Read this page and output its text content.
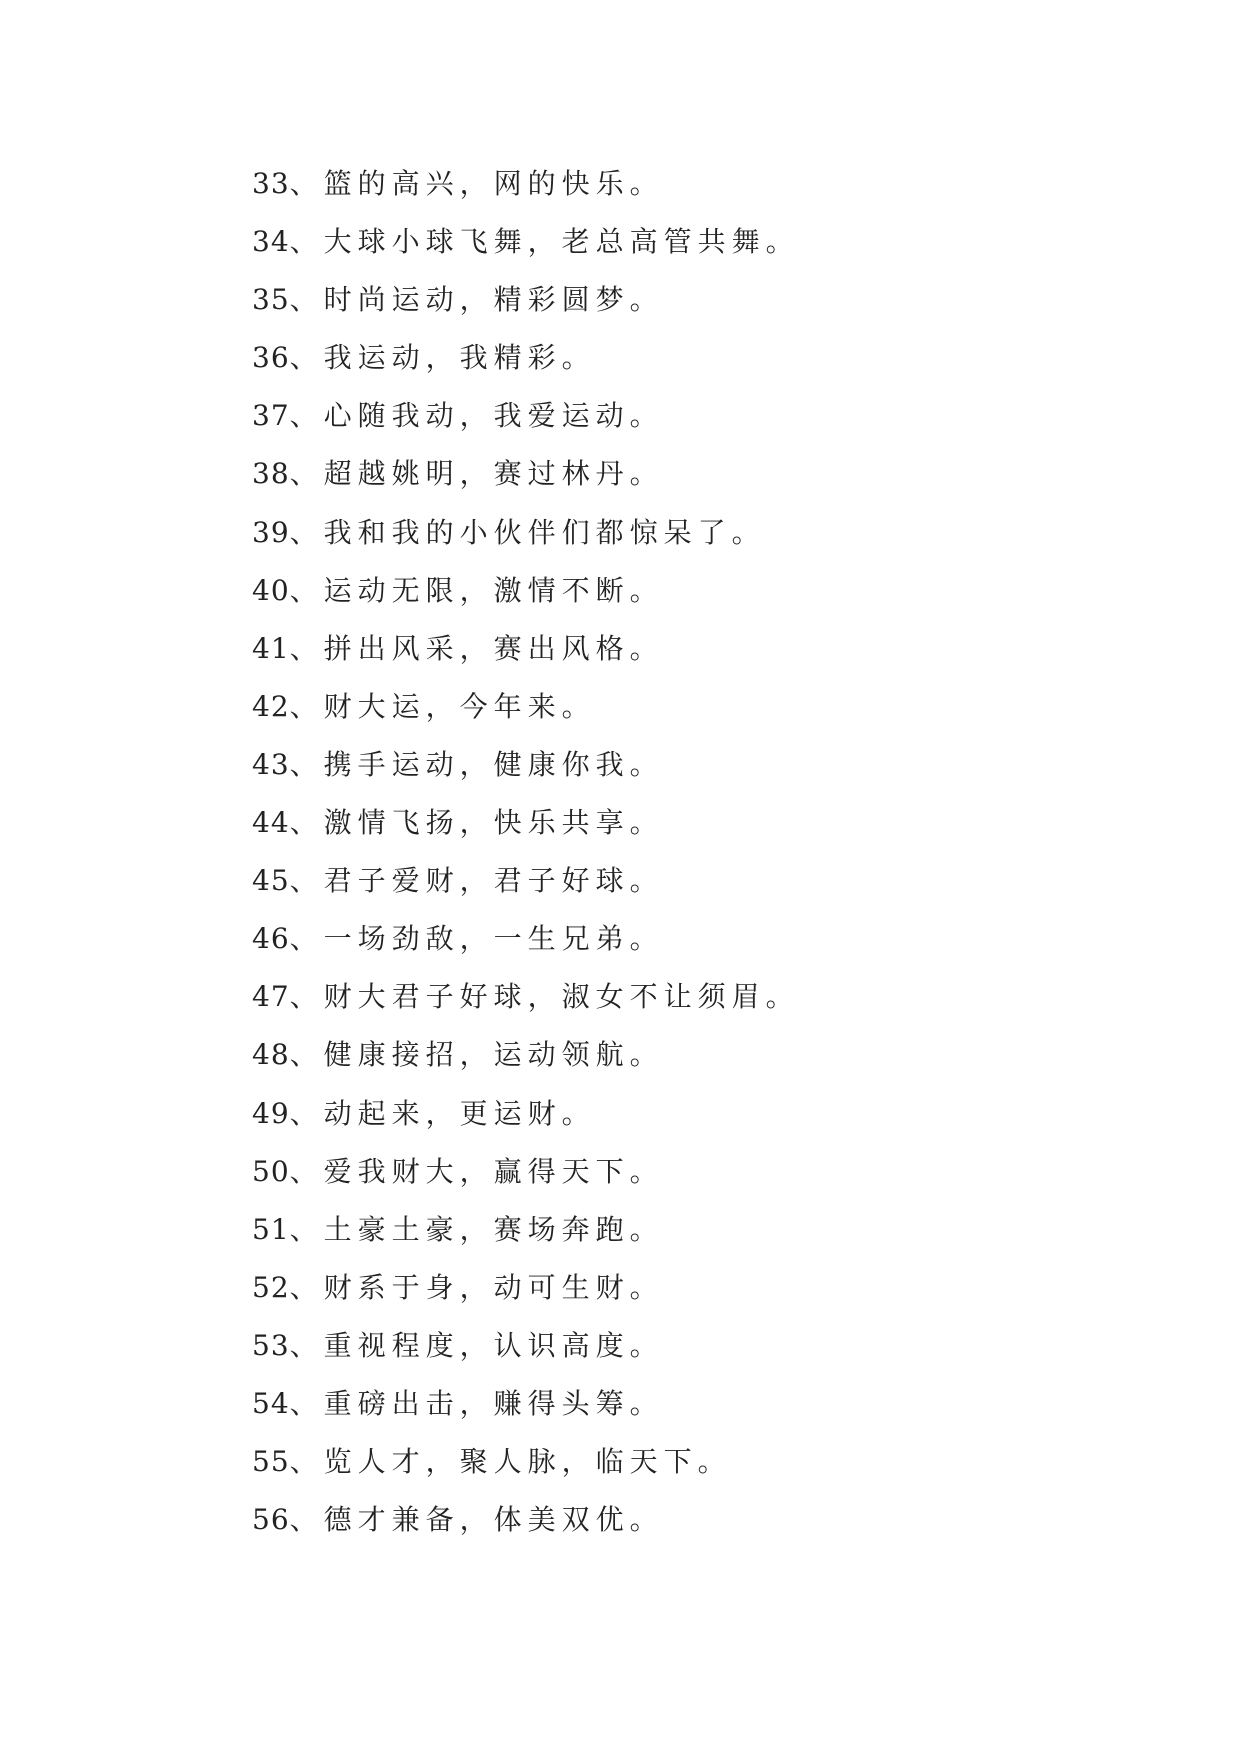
33、篮的高兴，网的快乐。
34、大球小球飞舞，老总高管共舞。
35、时尚运动，精彩圆梦。
36、我运动，我精彩。
37、心随我动，我爱运动。
38、超越姚明，赛过林丹。
39、我和我的小伙伴们都惊呆了。
40、运动无限，激情不断。
41、拼出风采，赛出风格。
42、财大运，今年来。
43、携手运动，健康你我。
44、激情飞扬，快乐共享。
45、君子爱财，君子好球。
46、一场劲敌，一生兄弟。
47、财大君子好球，淑女不让须眉。
48、健康接招，运动领航。
49、动起来，更运财。
50、爱我财大，赢得天下。
51、土豪土豪，赛场奔跑。
52、财系于身，动可生财。
53、重视程度，认识高度。
54、重磅出击，赚得头筹。
55、览人才，聚人脉，临天下。
56、德才兼备，体美双优。
